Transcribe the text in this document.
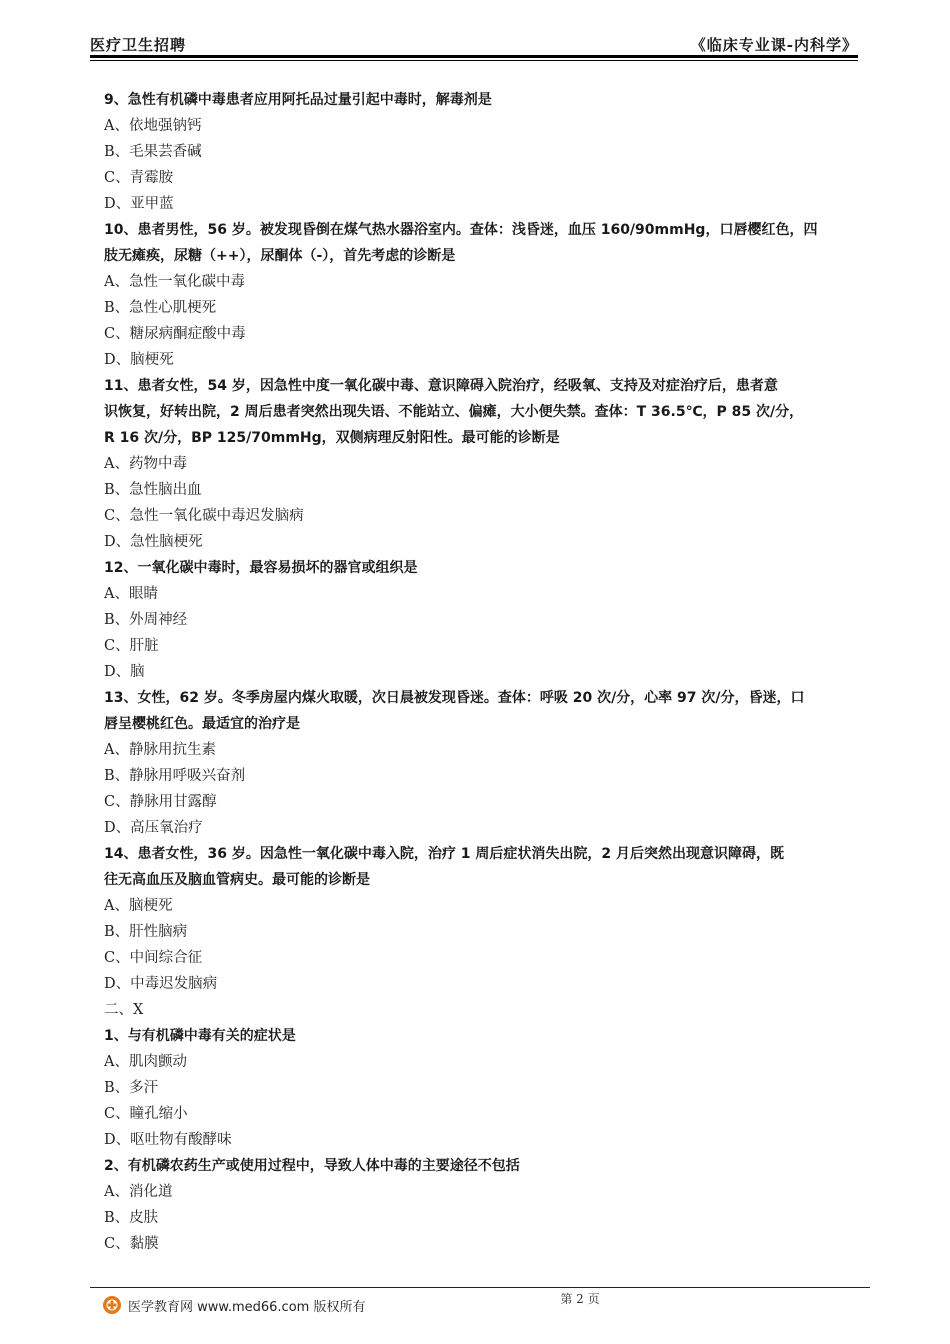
医疗卫生招聘	《临床专业课-内科学》
9、急性有机磷中毒患者应用阿托品过量引起中毒时，解毒剂是
A、依地强钠钙
B、毛果芸香碱
C、青霉胺
D、亚甲蓝
10、患者男性，56 岁。被发现昏倒在煤气热水器浴室内。查体：浅昏迷，血压 160/90mmHg，口唇樱红色，四
肢无瘫痪，尿糖（++），尿酮体（-），首先考虑的诊断是
A、急性一氧化碳中毒
B、急性心肌梗死
C、糖尿病酮症酸中毒
D、脑梗死
11、患者女性，54 岁，因急性中度一氧化碳中毒、意识障碍入院治疗，经吸氧、支持及对症治疗后，患者意
识恢复，好转出院，2 周后患者突然出现失语、不能站立、偏瘫，大小便失禁。查体：T 36.5℃，P 85 次/分，
R 16 次/分，BP 125/70mmHg，双侧病理反射阳性。最可能的诊断是
A、药物中毒
B、急性脑出血
C、急性一氧化碳中毒迟发脑病
D、急性脑梗死
12、一氧化碳中毒时，最容易损坏的器官或组织是
A、眼睛
B、外周神经
C、肝脏
D、脑
13、女性，62 岁。冬季房屋内煤火取暖，次日晨被发现昏迷。查体：呼吸 20 次/分，心率 97 次/分，昏迷，口
唇呈樱桃红色。最适宜的治疗是
A、静脉用抗生素
B、静脉用呼吸兴奋剂
C、静脉用甘露醇
D、高压氧治疗
14、患者女性，36 岁。因急性一氧化碳中毒入院，治疗 1 周后症状消失出院，2 月后突然出现意识障碍，既
往无高血压及脑血管病史。最可能的诊断是
A、脑梗死
B、肝性脑病
C、中间综合征
D、中毒迟发脑病
二、X
1、与有机磷中毒有关的症状是
A、肌肉颤动
B、多汗
C、瞳孔缩小
D、呕吐物有酸酵味
2、有机磷农药生产或使用过程中，导致人体中毒的主要途径不包括
A、消化道
B、皮肤
C、黏膜
第 2 页
医学教育网 www.med66.com 版权所有
